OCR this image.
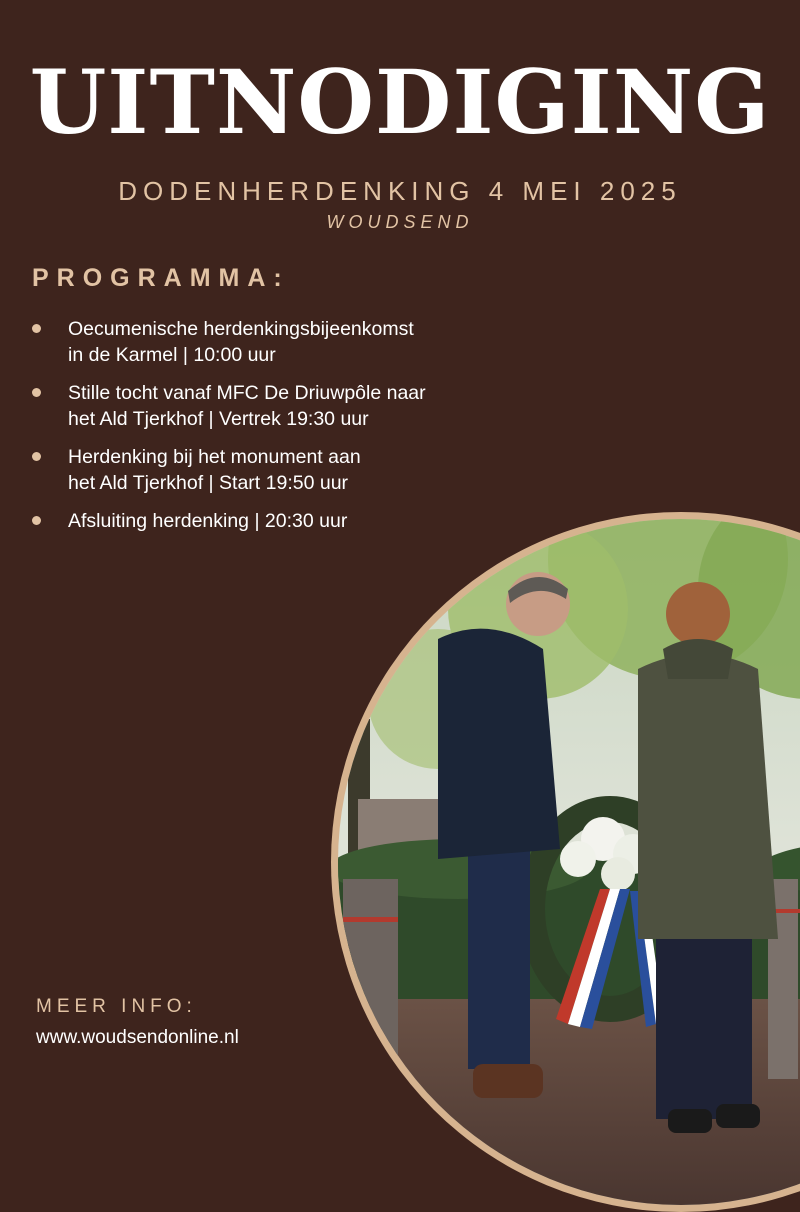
UITNODIGING

DODENHERDENKING 4 MEI 2025

WOUDSEND

PROGRAMMA:
Oecumenische herdenkingsbijeenkomst
in de Karmel | 10:00 uur
Stille tocht vanaf MFC De Driuwpôle naar
het Ald Tjerkhof | Vertrek 19:30 uur
Herdenking bij het monument aan
het Ald Tjerkhof | Start 19:50 uur
Afsluiting herdenking | 20:30 uur

MEER INFO:

www.woudsendonline.nl
